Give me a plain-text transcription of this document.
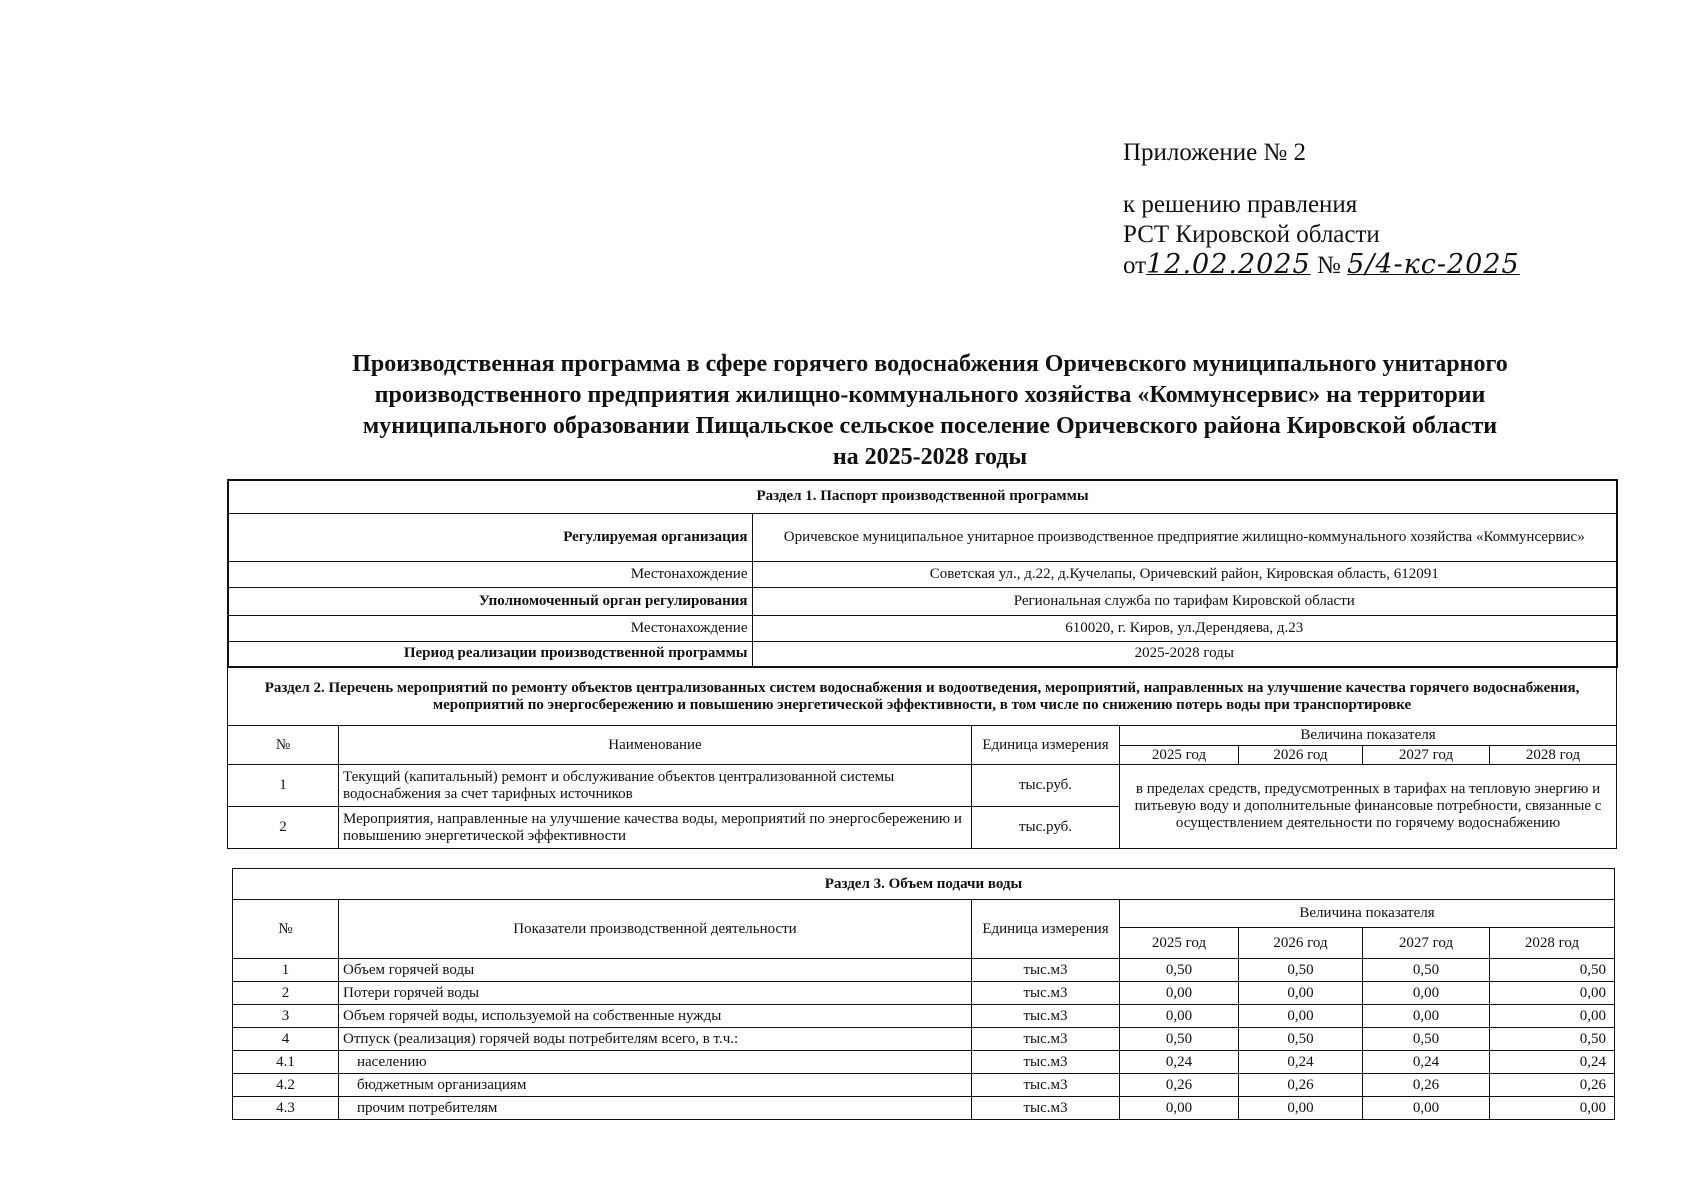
Приложение № 2
к решению правления
РСТ Кировской области
от12.02.2025 № 5/4-кс-2025
Производственная программа в сфере горячего водоснабжения Оричевского муниципального унитарного
производственного предприятия жилищно-коммунального хозяйства «Коммунсервис» на территории
муниципального образовании Пищальское сельское поселение Оричевского района Кировской области
на 2025-2028 годы
Раздел 1. Паспорт производственной программы	
Регулируемая организация	Оричевское муниципальное унитарное производственное предприятие жилищно-коммунального хозяйства «Коммунсервис»
Местонахождение	Советская ул., д.22, д.Кучелапы, Оричевский район, Кировская область, 612091
Уполномоченный орган регулирования	Региональная служба по тарифам Кировской области
Местонахождение	610020, г. Киров, ул.Дерендяева, д.23
Период реализации производственной программы	2025-2028 годы
Раздел 2. Перечень мероприятий по ремонту объектов централизованных систем водоснабжения и водоотведения, мероприятий, направленных на улучшение качества горячего водоснабжения, мероприятий по энергосбережению и повышению энергетической эффективности, в том числе по снижению потерь воды при транспортировке						
№	Наименование	Единица измерения	Величина показателя			
			2025 год	2026 год	2027 год	2028 год
1	Текущий (капитальный) ремонт и обслуживание объектов централизованной системы водоснабжения за счет тарифных источников	тыс.руб.	в пределах средств, предусмотренных в тарифах на тепловую энергию и питьевую воду и дополнительные финансовые потребности, связанные с осуществлением деятельности по горячему водоснабжению			
2	Мероприятия, направленные на улучшение качества воды, мероприятий по энергосбережению и повышению энергетической эффективности	тыс.руб.				
Раздел 3. Объем подачи воды						
№	Показатели производственной деятельности	Единица измерения	Величина показателя			
			2025 год	2026 год	2027 год	2028 год
1	Объем горячей воды	тыс.м3	0,50	0,50	0,50	0,50
2	Потери горячей воды	тыс.м3	0,00	0,00	0,00	0,00
3	Объем горячей воды, используемой на собственные нужды	тыс.м3	0,00	0,00	0,00	0,00
4	Отпуск (реализация) горячей воды потребителям всего, в т.ч.:	тыс.м3	0,50	0,50	0,50	0,50
4.1	населению	тыс.м3	0,24	0,24	0,24	0,24
4.2	бюджетным организациям	тыс.м3	0,26	0,26	0,26	0,26
4.3	прочим потребителям	тыс.м3	0,00	0,00	0,00	0,00
